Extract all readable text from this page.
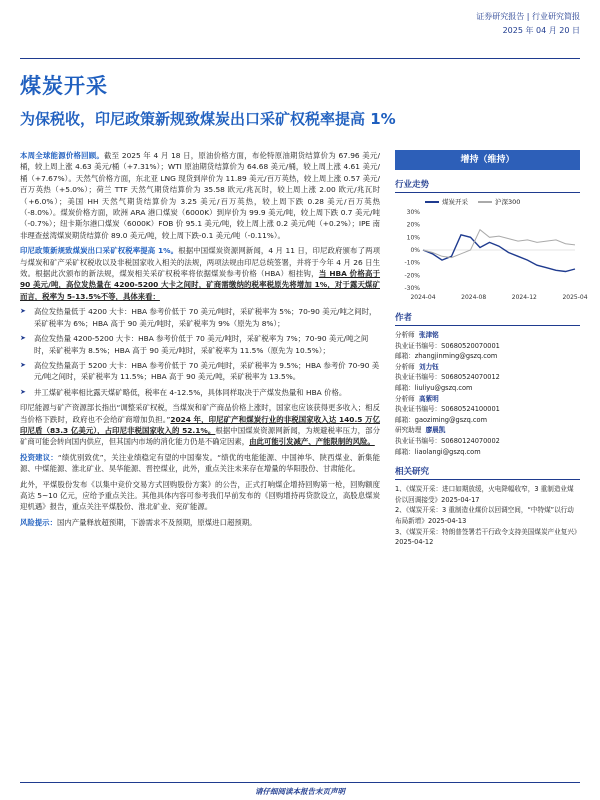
证券研究报告 | 行业研究简报
2025 年 04 月 20 日
煤炭开采
为保税收，印尼政策新规致煤炭出口采矿权税率提高 1%

本周全球能源价格回顾。截至 2025 年 4 月 18 日，原油价格方面，布伦特原油期货结算价为 67.96 美元/桶，较上周上涨 4.63 美元/桶（+7.31%）；WTI 原油期货结算价为 64.68 美元/桶，较上周上涨 4.61 美元/桶（+7.67%）。天然气价格方面，东北亚 LNG 现货到岸价为 11.89 美元/百万英热，较上周上涨 0.57 美元/百万英热（+5.0%）；荷兰 TTF 天然气期货结算价为 35.58 欧元/兆瓦时，较上周上涨 2.00 欧元/兆瓦时（+6.0%）；美国 HH 天然气期货结算价为 3.25 美元/百万英热，较上周下跌 0.28 美元/百万英热（-8.0%）。煤炭价格方面，欧洲 ARA 港口煤炭（6000K）到岸价为 99.9 美元/吨，较上周下跌 0.7 美元/吨（-0.7%）；纽卡斯尔港口煤炭（6000K）FOB 价 95.1 美元/吨，较上周上涨 0.2 美元/吨（+0.2%）；IPE 南非理查兹湾煤炭期货结算价 89.0 美元/吨，较上周下跌-0.1 美元/吨（-0.11%）。

印尼政策新规致煤炭出口采矿权税率提高 1%。根据中国煤炭资源网新闻，4 月 11 日，印尼政府颁布了两项与煤炭和矿产采矿权税收以及非税国家收入相关的法规，两项法规由印尼总统签署，并将于今年 4 月 26 日生效。根据此次颁布的新法规，煤炭相关采矿权税率将依据煤炭参考价格（HBA）相挂钩，当 HBA 价格高于 90 美元/吨，高位发热量在 4200-5200 大卡之间时，矿商需缴纳的税率税原先将增加 1%，对于露天煤矿而言，税率为 5-13.5%不等，具体来看：

➤	高位发热量低于 4200 大卡：HBA 参考价低于 70 美元/吨时，采矿税率为 5%；70-90 美元/吨之间时，采矿税率为 6%；HBA 高于 90 美元/吨时，采矿税率为 9%（原先为 8%）；
➤	高位发热量 4200-5200 大卡：HBA 参考价低于 70 美元/吨时，采矿税率为 7%；70-90 美元/吨之间时，采矿税率为 8.5%；HBA 高于 90 美元/吨时，采矿税率为 11.5%（原先为 10.5%）；
➤	高位发热量高于 5200 大卡：HBA 参考价低于 70 美元/吨时，采矿税率为 9.5%；HBA 参考价 70-90 美元/吨之间时，采矿税率为 11.5%；HBA 高于 90 美元/吨，采矿税率为 13.5%。
➤	井工煤矿税率相比露天煤矿略低，税率在 4-12.5%，具体同样取决于产煤发热量和 HBA 价格。

印尼能源与矿产资源部长指出“调整采矿权税，当煤炭和矿产商品价格上涨时，国家也应该获得更多收入；相反当价格下跌时，政府也不会给矿商增加负担。”2024 年，印尼矿产和煤炭行业的非税国家收入达 140.5 万亿印尼盾（83.3 亿美元），占印尼非税国家收入的 52.1%。根据中国煤炭资源网新闻，为规避税率压力，部分矿商可能会转向国内供应，但其国内市场的消化能力仍是不确定因素，由此可能引发减产、产能限制的风险。

投资建议：“绩优别致优”，关注业绩稳定有望的中国秦发。“绩优的电能能源、中国神华、陕西煤业、新集能源、中煤能源、淮北矿业、昊华能源、晋控煤业，此外，重点关注未来存在增量的华阳股份、甘肃能化。

此外，平煤股份发布《以集中竞价交易方式回购股份方案》的公告，正式打响煤企增持回购第一枪，回购额度高达 5~10 亿元，应给予重点关注。其他具体内容可参考我们早前发布的《回购增持再贷款设立，高股息煤炭迎机遇》报告，重点关注平煤股份、淮北矿业、兖矿能源。

风险提示：国内产量释放超预期，下游需求不及预期，原煤进口超预期。

增持（维持）
行业走势
煤炭开采	沪深300
30%
20%
10%
0%
-10%
-20%
-30%
2024-04	2024-08	2024-12	2025-04
作者
分析师 张津铭
执业证书编号：S0680520070001
邮箱：zhangjinming@gszq.com
分析师 刘力钰
执业证书编号：S0680524070012
邮箱：liuliyu@gszq.com
分析师 高紫明
执业证书编号：S0680524100001
邮箱：gaoziming@gszq.com
研究助理 廖晨凯
执业证书编号：S0680124070002
邮箱：liaolangi@gszq.com
相关研究
1、《煤炭开采：进口如期放缓，火电降幅收窄，3 重制造业煤价以回调接受》2025-04-17
2、《煤炭开采：3 重制造业煤价以回调空间，“中特煤”以行动布局新增》2025-04-13
3、《煤炭开采：特朗普签署若干行政令支持美国煤炭产业复兴》2025-04-12
请仔细阅读本报告末页声明
